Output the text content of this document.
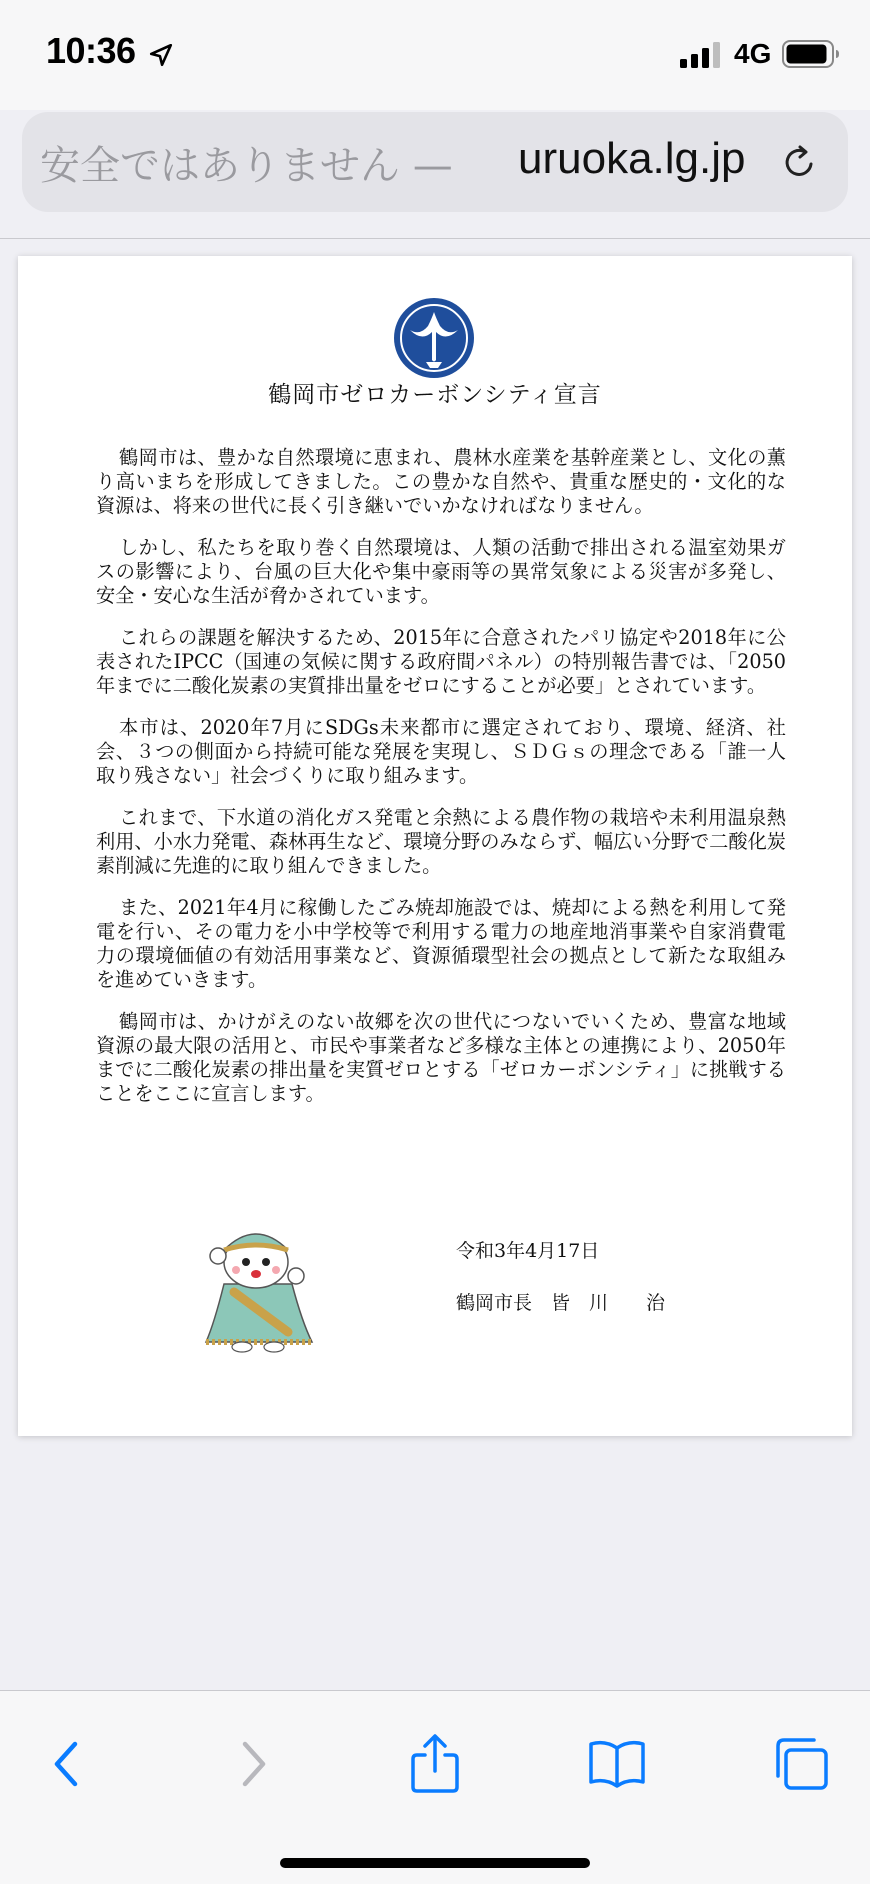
10:36	4G
安全ではありません — uruoka.lg.jp
鶴岡市ゼロカーボンシティ宣言

鶴岡市は、豊かな自然環境に恵まれ、農林水産業を基幹産業とし、文化の薫り高いまちを形成してきました。この豊かな自然や、貴重な歴史的・文化的な資源は、将来の世代に長く引き継いでいかなければなりません。

しかし、私たちを取り巻く自然環境は、人類の活動で排出される温室効果ガスの影響により、台風の巨大化や集中豪雨等の異常気象による災害が多発し、安全・安心な生活が脅かされています。

これらの課題を解決するため、2015年に合意されたパリ協定や2018年に公表されたIPCC（国連の気候に関する政府間パネル）の特別報告書では、「2050年までに二酸化炭素の実質排出量をゼロにすることが必要」とされています。

本市は、2020年7月にSDGs未来都市に選定されており、環境、経済、社会、３つの側面から持続可能な発展を実現し、ＳＤＧｓの理念である「誰一人取り残さない」社会づくりに取り組みます。

これまで、下水道の消化ガス発電と余熱による農作物の栽培や未利用温泉熱利用、小水力発電、森林再生など、環境分野のみならず、幅広い分野で二酸化炭素削減に先進的に取り組んできました。

また、2021年4月に稼働したごみ焼却施設では、焼却による熱を利用して発電を行い、その電力を小中学校等で利用する電力の地産地消事業や自家消費電力の環境価値の有効活用事業など、資源循環型社会の拠点として新たな取組みを進めていきます。

鶴岡市は、かけがえのない故郷を次の世代につないでいくため、豊富な地域資源の最大限の活用と、市民や事業者など多様な主体との連携により、2050年までに二酸化炭素の排出量を実質ゼロとする「ゼロカーボンシティ」に挑戦することをここに宣言します。

令和3年4月17日
鶴岡市長　皆　川　　治
